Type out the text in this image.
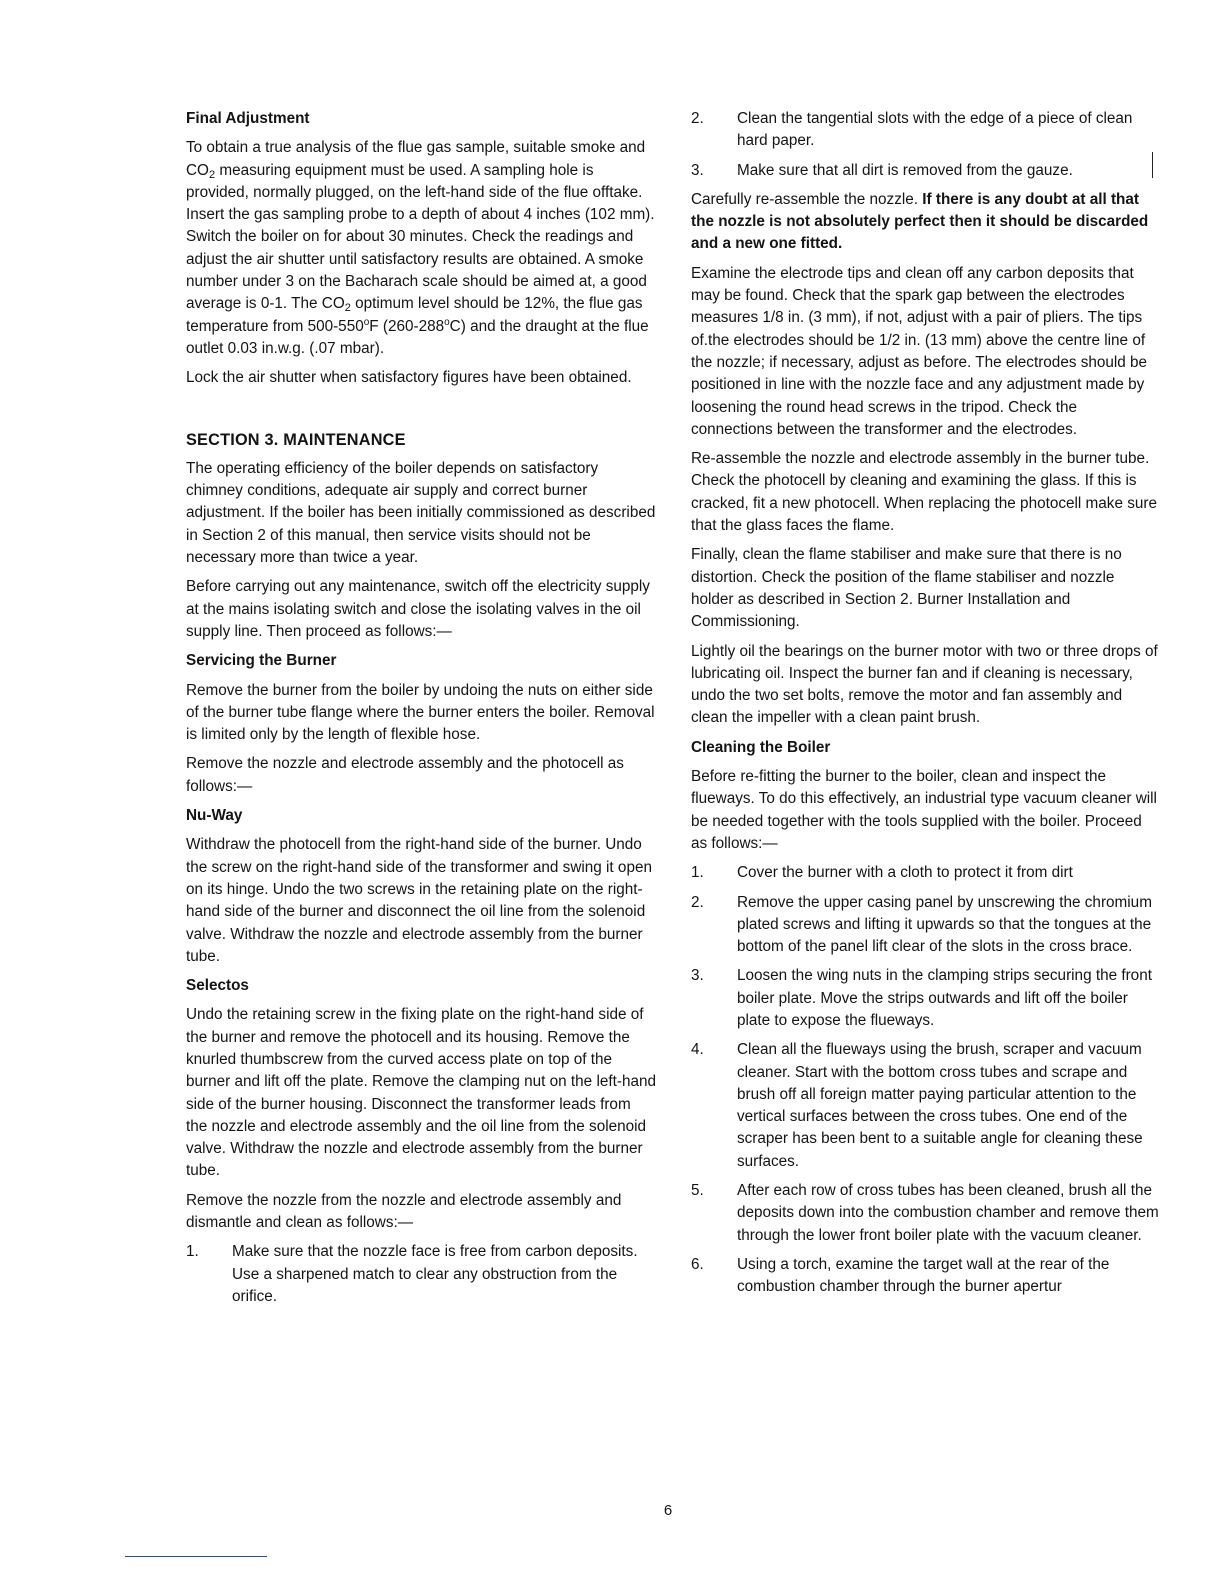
Final Adjustment
To obtain a true analysis of the flue gas sample, suitable smoke and $CO_2$ measuring equipment must be used. A sampling hole is provided, normally plugged, on the left-hand side of the flue offtake. Insert the gas sampling probe to a depth of about 4 inches (102 mm). Switch the boiler on for about 30 minutes. Check the readings and adjust the air shutter until satisfactory results are obtained. A smoke number under 3 on the Bacharach scale should be aimed at, a good average is 0-1. The $CO_2$ optimum level should be 12%, the flue gas temperature from 500-550$^o$F (260-288$^o$C) and the draught at the flue outlet 0.03 in.w.g. (.07 mbar).
Lock the air shutter when satisfactory figures have been obtained.
SECTION 3. MAINTENANCE
The operating efficiency of the boiler depends on satisfactory chimney conditions, adequate air supply and correct burner adjustment. If the boiler has been initially commissioned as described in Section 2 of this manual, then service visits should not be necessary more than twice a year.
Before carrying out any maintenance, switch off the electricity supply at the mains isolating switch and close the isolating valves in the oil supply line. Then proceed as follows:—
Servicing the Burner
Remove the burner from the boiler by undoing the nuts on either side of the burner tube flange where the burner enters the boiler. Removal is limited only by the length of flexible hose.
Remove the nozzle and electrode assembly and the photocell as follows:—
Nu-Way
Withdraw the photocell from the right-hand side of the burner. Undo the screw on the right-hand side of the transformer and swing it open on its hinge. Undo the two screws in the retaining plate on the right-hand side of the burner and disconnect the oil line from the solenoid valve. Withdraw the nozzle and electrode assembly from the burner tube.
Selectos
Undo the retaining screw in the fixing plate on the right-hand side of the burner and remove the photocell and its housing. Remove the knurled thumbscrew from the curved access plate on top of the burner and lift off the plate. Remove the clamping nut on the left-hand side of the burner housing. Disconnect the transformer leads from the nozzle and electrode assembly and the oil line from the solenoid valve. Withdraw the nozzle and electrode assembly from the burner tube.
Remove the nozzle from the nozzle and electrode assembly and dismantle and clean as follows:—
1.	Make sure that the nozzle face is free from carbon deposits. Use a sharpened match to clear any obstruction from the orifice.
2.	Clean the tangential slots with the edge of a piece of clean hard paper.
3.	Make sure that all dirt is removed from the gauze.
Carefully re-assemble the nozzle. If there is any doubt at all that the nozzle is not absolutely perfect then it should be discarded and a new one fitted.
Examine the electrode tips and clean off any carbon deposits that may be found. Check that the spark gap between the electrodes measures 1/8 in. (3 mm), if not, adjust with a pair of pliers. The tips of.the electrodes should be 1/2 in. (13 mm) above the centre line of the nozzle; if necessary, adjust as before. The electrodes should be positioned in line with the nozzle face and any adjustment made by loosening the round head screws in the tripod. Check the connections between the transformer and the electrodes.
Re-assemble the nozzle and electrode assembly in the burner tube. Check the photocell by cleaning and examining the glass. If this is cracked, fit a new photocell. When replacing the photocell make sure that the glass faces the flame.
Finally, clean the flame stabiliser and make sure that there is no distortion. Check the position of the flame stabiliser and nozzle holder as described in Section 2. Burner Installation and Commissioning.
Lightly oil the bearings on the burner motor with two or three drops of lubricating oil. Inspect the burner fan and if cleaning is necessary, undo the two set bolts, remove the motor and fan assembly and clean the impeller with a clean paint brush.
Cleaning the Boiler
Before re-fitting the burner to the boiler, clean and inspect the flueways. To do this effectively, an industrial type vacuum cleaner will be needed together with the tools supplied with the boiler. Proceed as follows:—
1.	Cover the burner with a cloth to protect it from dirt
2.	Remove the upper casing panel by unscrewing the chromium plated screws and lifting it upwards so that the tongues at the bottom of the panel lift clear of the slots in the cross brace.
3.	Loosen the wing nuts in the clamping strips securing the front boiler plate. Move the strips outwards and lift off the boiler plate to expose the flueways.
4.	Clean all the flueways using the brush, scraper and vacuum cleaner. Start with the bottom cross tubes and scrape and brush off all foreign matter paying particular attention to the vertical surfaces between the cross tubes. One end of the scraper has been bent to a suitable angle for cleaning these surfaces.
5.	After each row of cross tubes has been cleaned, brush all the deposits down into the combustion chamber and remove them through the lower front boiler plate with the vacuum cleaner.
6.	Using a torch, examine the target wall at the rear of the combustion chamber through the burner apertur
6
